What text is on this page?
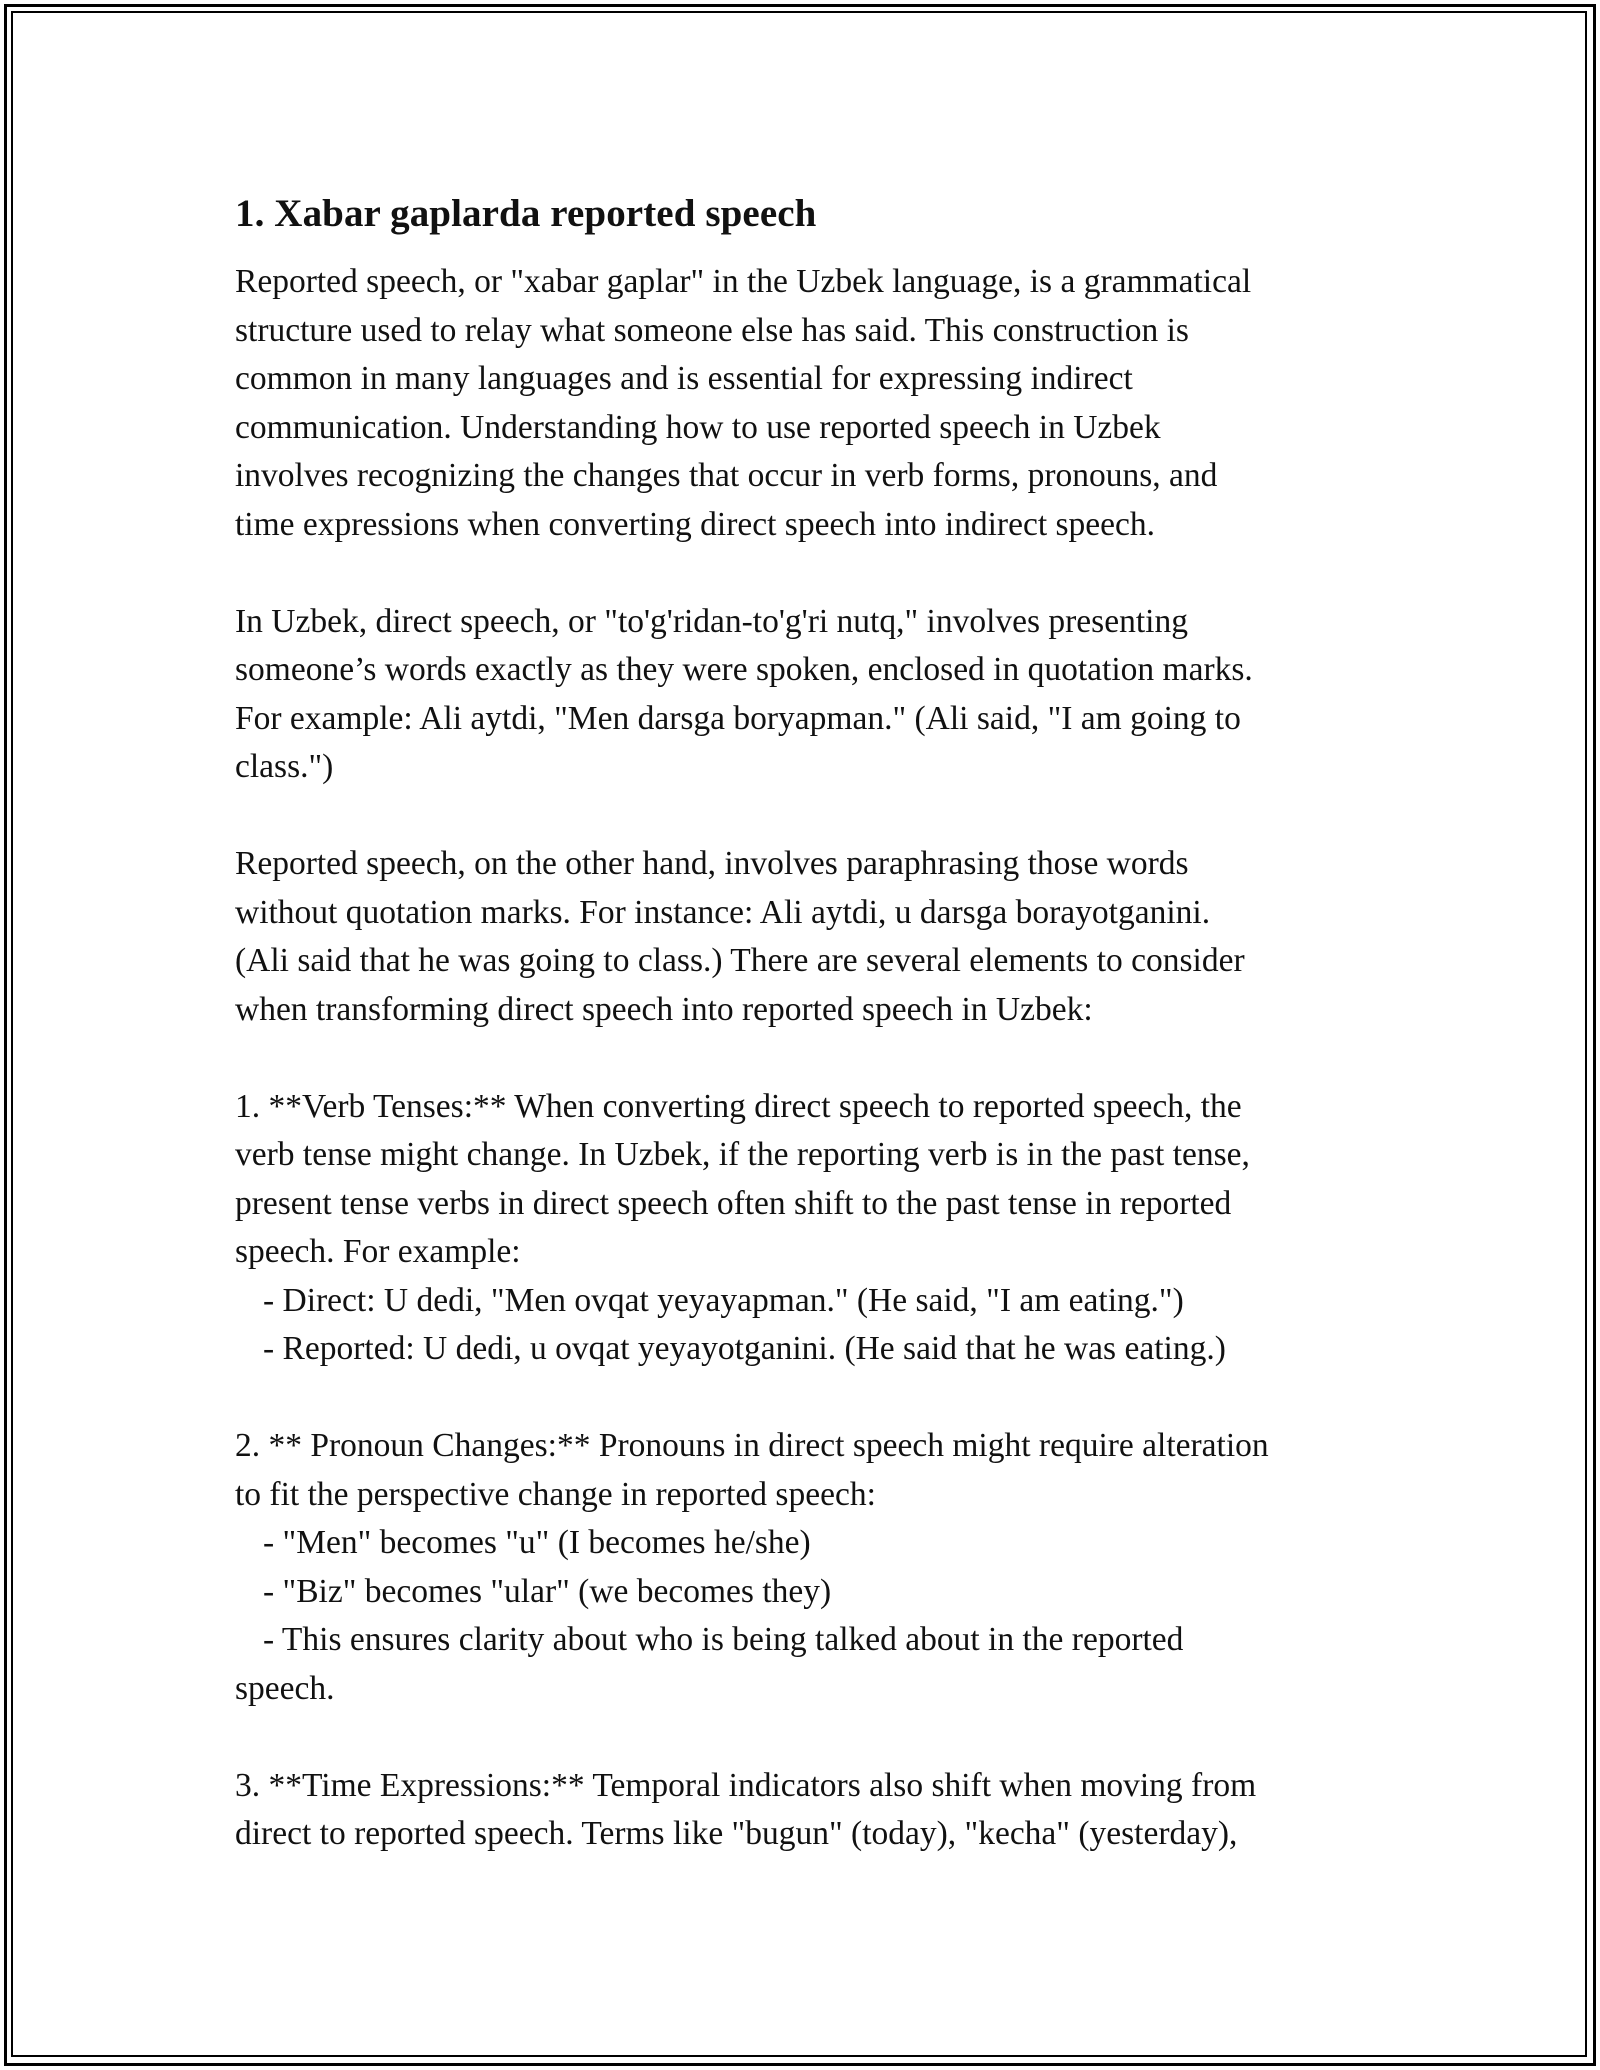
1. Xabar gaplarda reported speech
Reported speech, or "xabar gaplar" in the Uzbek language, is a grammatical
structure used to relay what someone else has said. This construction is
common in many languages and is essential for expressing indirect
communication. Understanding how to use reported speech in Uzbek
involves recognizing the changes that occur in verb forms, pronouns, and
time expressions when converting direct speech into indirect speech.
In Uzbek, direct speech, or "to'g'ridan-to'g'ri nutq," involves presenting
someone’s words exactly as they were spoken, enclosed in quotation marks.
For example: Ali aytdi, "Men darsga boryapman." (Ali said, "I am going to
class.")
Reported speech, on the other hand, involves paraphrasing those words
without quotation marks. For instance: Ali aytdi, u darsga borayotganini.
(Ali said that he was going to class.) There are several elements to consider
when transforming direct speech into reported speech in Uzbek:
1. **Verb Tenses:** When converting direct speech to reported speech, the
verb tense might change. In Uzbek, if the reporting verb is in the past tense,
present tense verbs in direct speech often shift to the past tense in reported
speech. For example:
- Direct: U dedi, "Men ovqat yeyayapman." (He said, "I am eating.")
- Reported: U dedi, u ovqat yeyayotganini. (He said that he was eating.)
2. ** Pronoun Changes:** Pronouns in direct speech might require alteration
to fit the perspective change in reported speech:
- "Men" becomes "u" (I becomes he/she)
- "Biz" becomes "ular" (we becomes they)
- This ensures clarity about who is being talked about in the reported
speech.
3. **Time Expressions:** Temporal indicators also shift when moving from
direct to reported speech. Terms like "bugun" (today), "kecha" (yesterday),
